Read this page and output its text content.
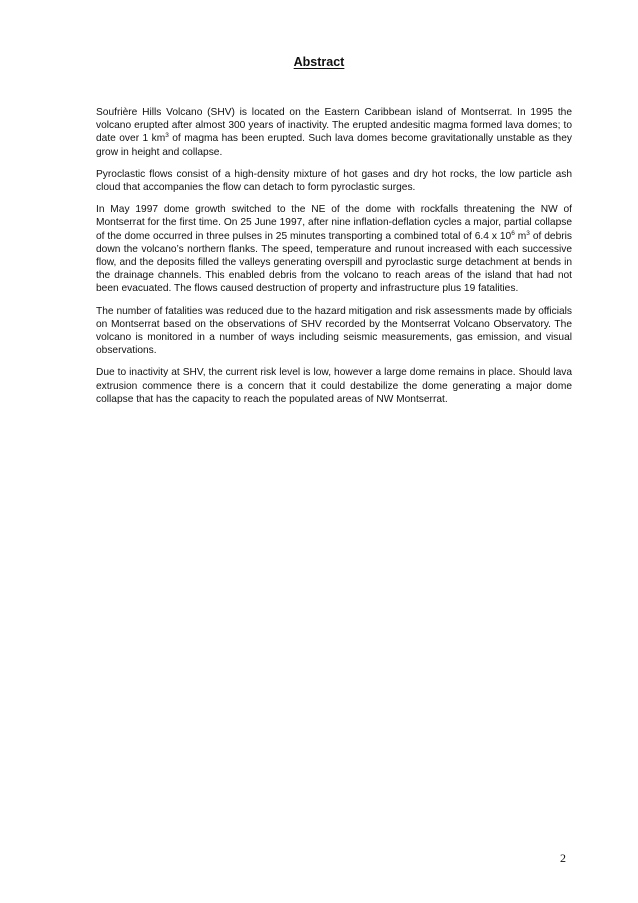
Abstract

Soufrière Hills Volcano (SHV) is located on the Eastern Caribbean island of Montserrat. In 1995 the volcano erupted after almost 300 years of inactivity. The erupted andesitic magma formed lava domes; to date over 1 $km^3$ of magma has been erupted. Such lava domes become gravitationally unstable as they grow in height and collapse.

Pyroclastic flows consist of a high-density mixture of hot gases and dry hot rocks, the low particle ash cloud that accompanies the flow can detach to form pyroclastic surges.

In May 1997 dome growth switched to the NE of the dome with rockfalls threatening the NW of Montserrat for the first time. On 25 June 1997, after nine inflation-deflation cycles a major, partial collapse of the dome occurred in three pulses in 25 minutes transporting a combined total of 6.4 x $10^6$ $m^3$ of debris down the volcano’s northern flanks. The speed, temperature and runout increased with each successive flow, and the deposits filled the valleys generating overspill and pyroclastic surge detachment at bends in the drainage channels. This enabled debris from the volcano to reach areas of the island that had not been evacuated. The flows caused destruction of property and infrastructure plus 19 fatalities.

The number of fatalities was reduced due to the hazard mitigation and risk assessments made by officials on Montserrat based on the observations of SHV recorded by the Montserrat Volcano Observatory. The volcano is monitored in a number of ways including seismic measurements, gas emission, and visual observations.

Due to inactivity at SHV, the current risk level is low, however a large dome remains in place. Should lava extrusion commence there is a concern that it could destabilize the dome generating a major dome collapse that has the capacity to reach the populated areas of NW Montserrat.

2
